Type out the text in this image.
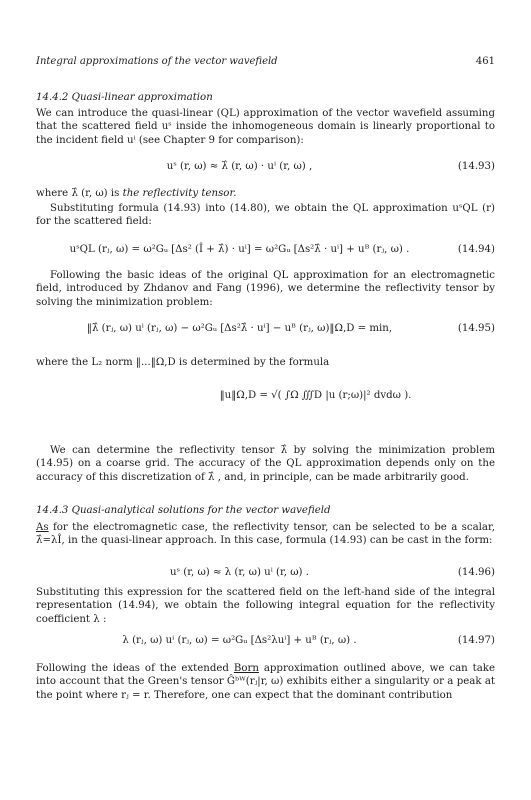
Integral approximations of the vector wavefield	461
14.4.2 Quasi-linear approximation
We can introduce the quasi-linear (QL) approximation of the vector wavefield assuming that the scattered field uˢ inside the inhomogeneous domain is linearly proportional to the incident field uⁱ (see Chapter 9 for comparison):
uˢ (r, ω) ≈ λ̂ (r, ω) · uⁱ (r, ω) ,	(14.93)
where λ̂ (r, ω) is the reflectivity tensor.
Substituting formula (14.93) into (14.80), we obtain the QL approximation uˢQL (r) for the scattered field:
uˢQL (rⱼ, ω) = ω²Gᵤ [Δs² (Î + λ̂) · uⁱ] = ω²Gᵤ [Δs²λ̂ · uⁱ] + uᴮ (rⱼ, ω) .	(14.94)
Following the basic ideas of the original QL approximation for an electromagnetic field, introduced by Zhdanov and Fang (1996), we determine the reflectivity tensor by solving the minimization problem:
‖λ̂ (rⱼ, ω) uⁱ (rⱼ, ω) − ω²Gᵤ [Δs²λ̂ · uⁱ] − uᴮ (rⱼ, ω)‖Ω,D = min,	(14.95)
where the L₂ norm ‖...‖Ω,D is determined by the formula
‖u‖Ω,D = √( ∫Ω ∭D |u (r;ω)|² dvdω ).
We can determine the reflectivity tensor λ̂ by solving the minimization problem (14.95) on a coarse grid. The accuracy of the QL approximation depends only on the accuracy of this discretization of λ̂ , and, in principle, can be made arbitrarily good.
14.4.3 Quasi-analytical solutions for the vector wavefield
As for the electromagnetic case, the reflectivity tensor, can be selected to be a scalar, λ̂=λÎ, in the quasi-linear approach. In this case, formula (14.93) can be cast in the form:
uˢ (r, ω) ≈ λ (r, ω) uⁱ (r, ω) .	(14.96)
Substituting this expression for the scattered field on the left-hand side of the integral representation (14.94), we obtain the following integral equation for the reflectivity coefficient λ :
λ (rⱼ, ω) uⁱ (rⱼ, ω) = ω²Gᵤ [Δs²λuⁱ] + uᴮ (rⱼ, ω) .	(14.97)
Following the ideas of the extended Born approximation outlined above, we can take into account that the Green's tensor Ĝᵇᵂ(rⱼ|r, ω) exhibits either a singularity or a peak at the point where rⱼ = r. Therefore, one can expect that the dominant contribution
